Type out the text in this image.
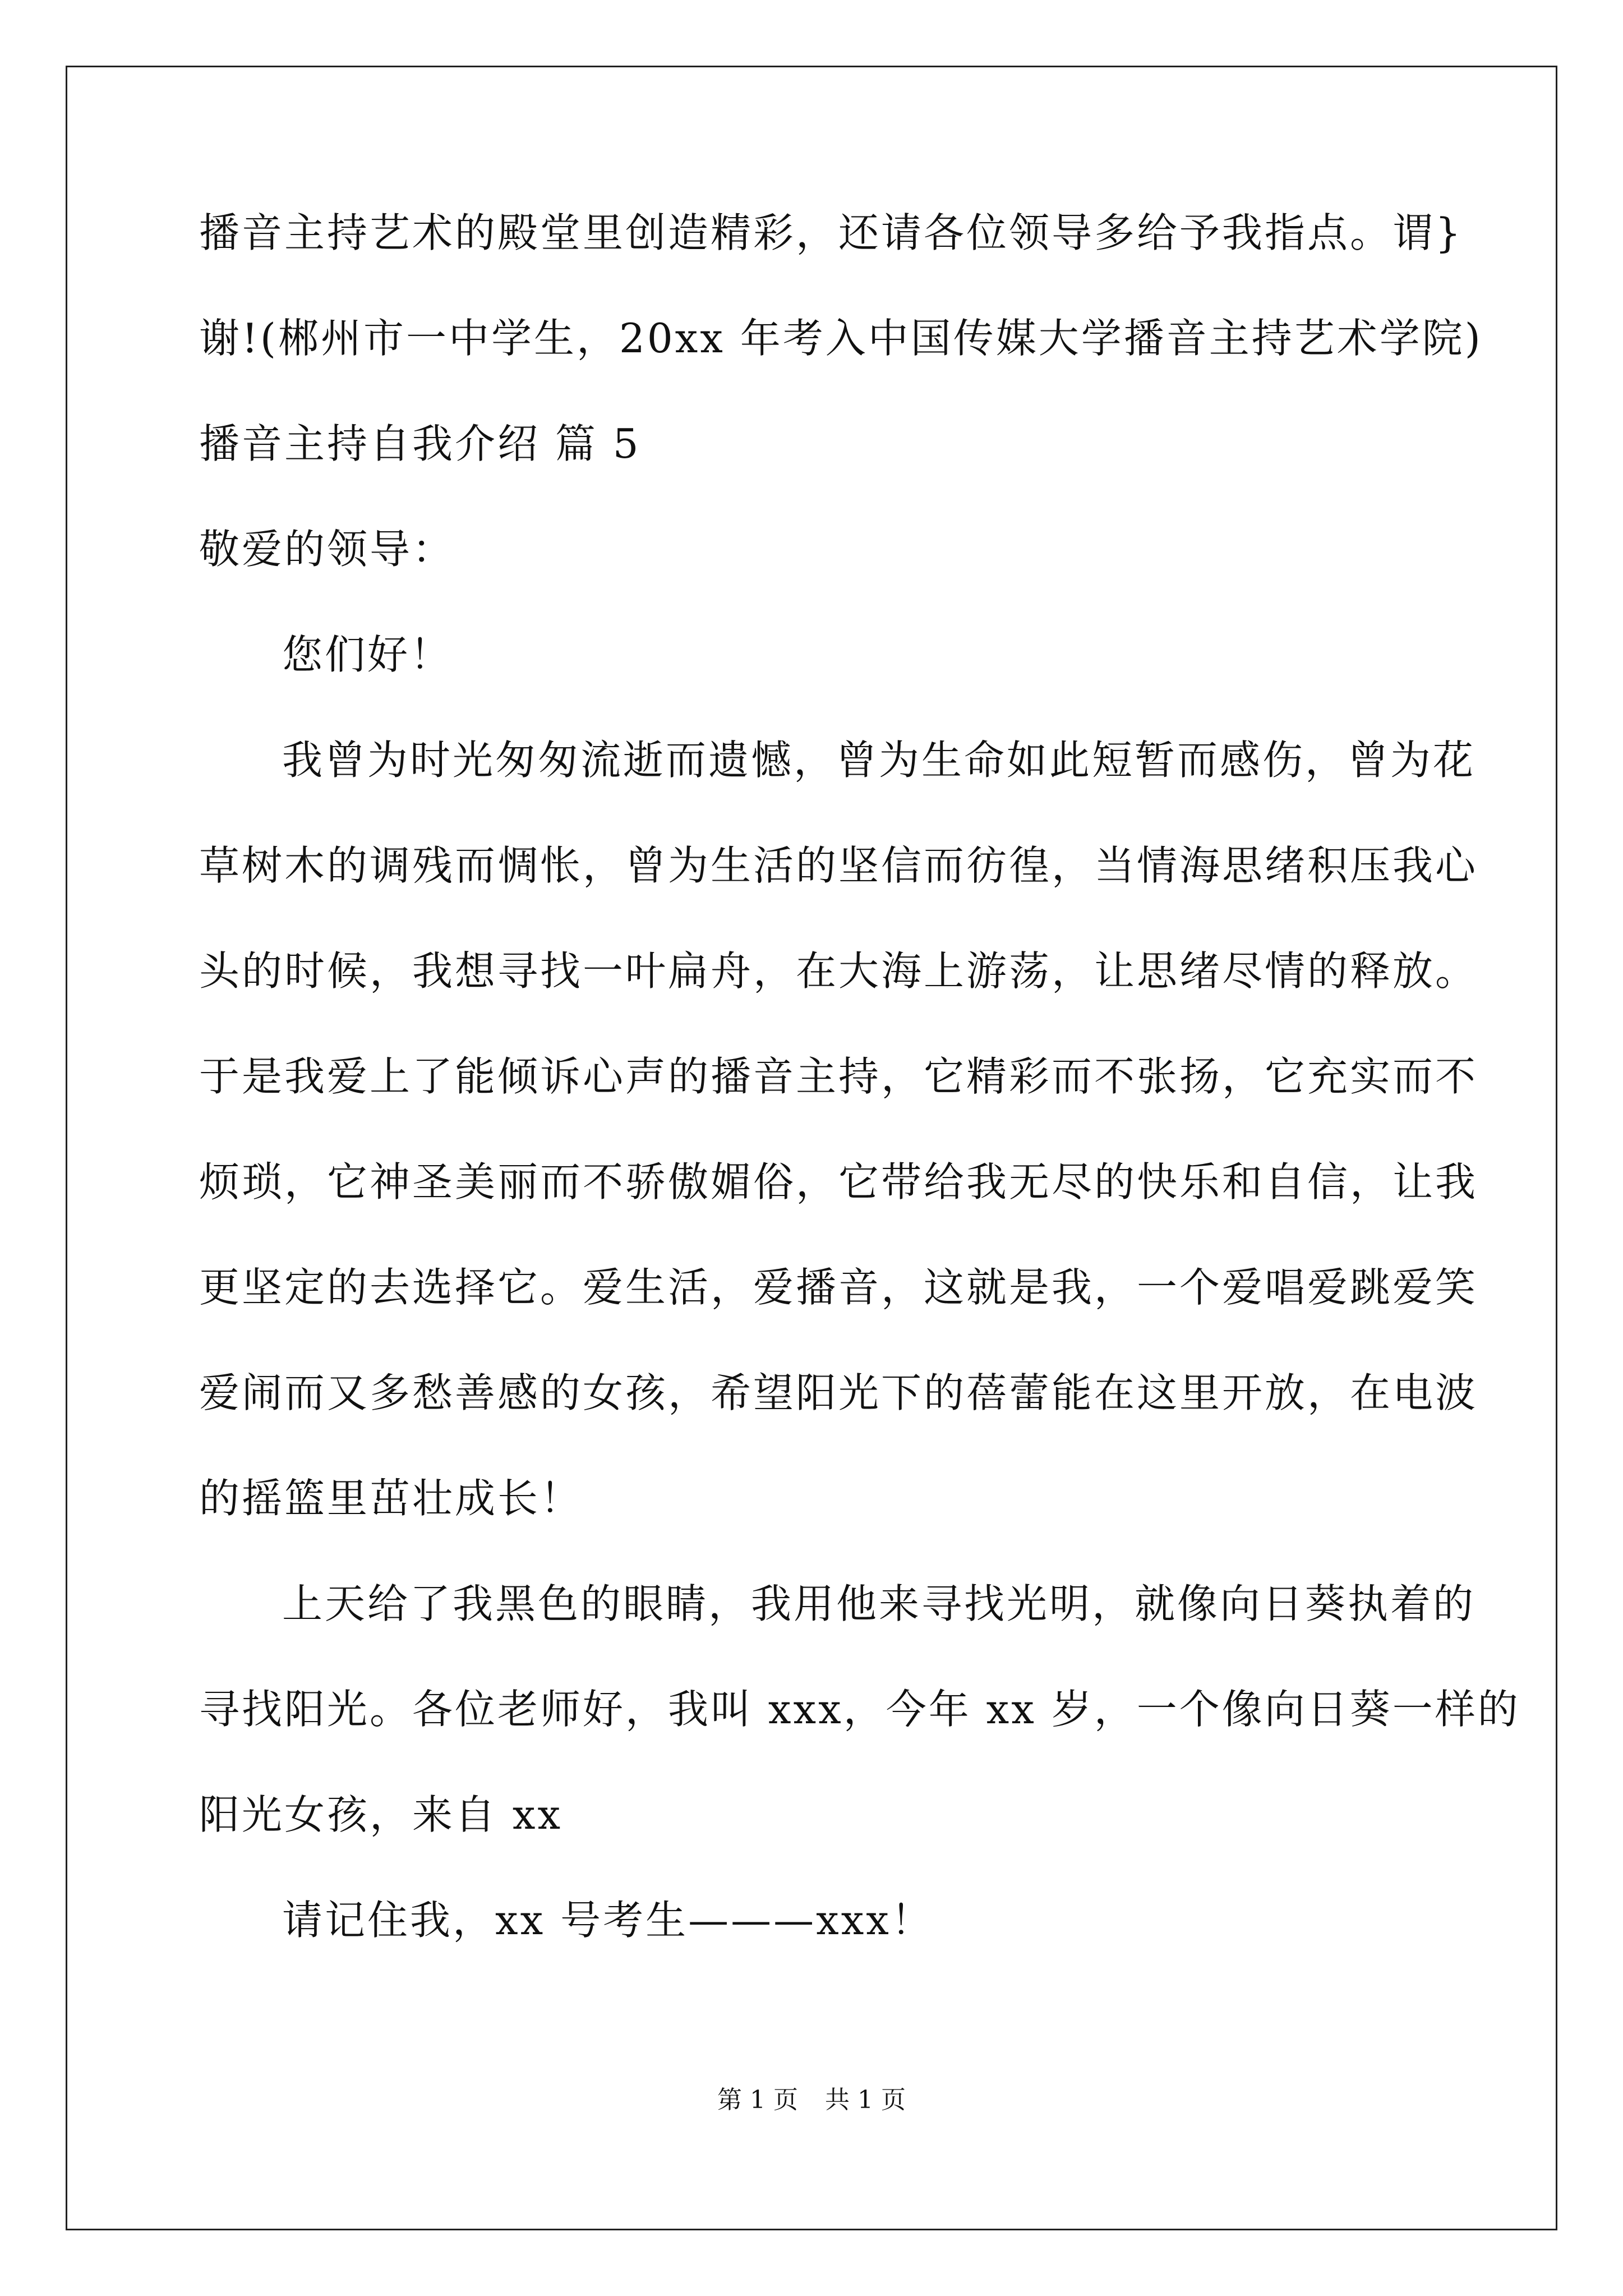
播音主持艺术的殿堂里创造精彩，还请各位领导多给予我指点。谓}
谢!(郴州市一中学生，20xx 年考入中国传媒大学播音主持艺术学院)
播音主持自我介绍 篇 5
敬爱的领导：
您们好！
我曾为时光匆匆流逝而遗憾，曾为生命如此短暂而感伤，曾为花
草树木的调残而惆怅，曾为生活的坚信而彷徨，当情海思绪积压我心
头的时候，我想寻找一叶扁舟，在大海上游荡，让思绪尽情的释放。
于是我爱上了能倾诉心声的播音主持，它精彩而不张扬，它充实而不
烦琐，它神圣美丽而不骄傲媚俗，它带给我无尽的快乐和自信，让我
更坚定的去选择它。爱生活，爱播音，这就是我，一个爱唱爱跳爱笑
爱闹而又多愁善感的女孩，希望阳光下的蓓蕾能在这里开放，在电波
的摇篮里茁壮成长！
上天给了我黑色的眼睛，我用他来寻找光明，就像向日葵执着的
寻找阳光。各位老师好，我叫 xxx，今年 xx 岁，一个像向日葵一样的
阳光女孩，来自 xx
请记住我，xx 号考生———xxx！
第 1 页 共 1 页
